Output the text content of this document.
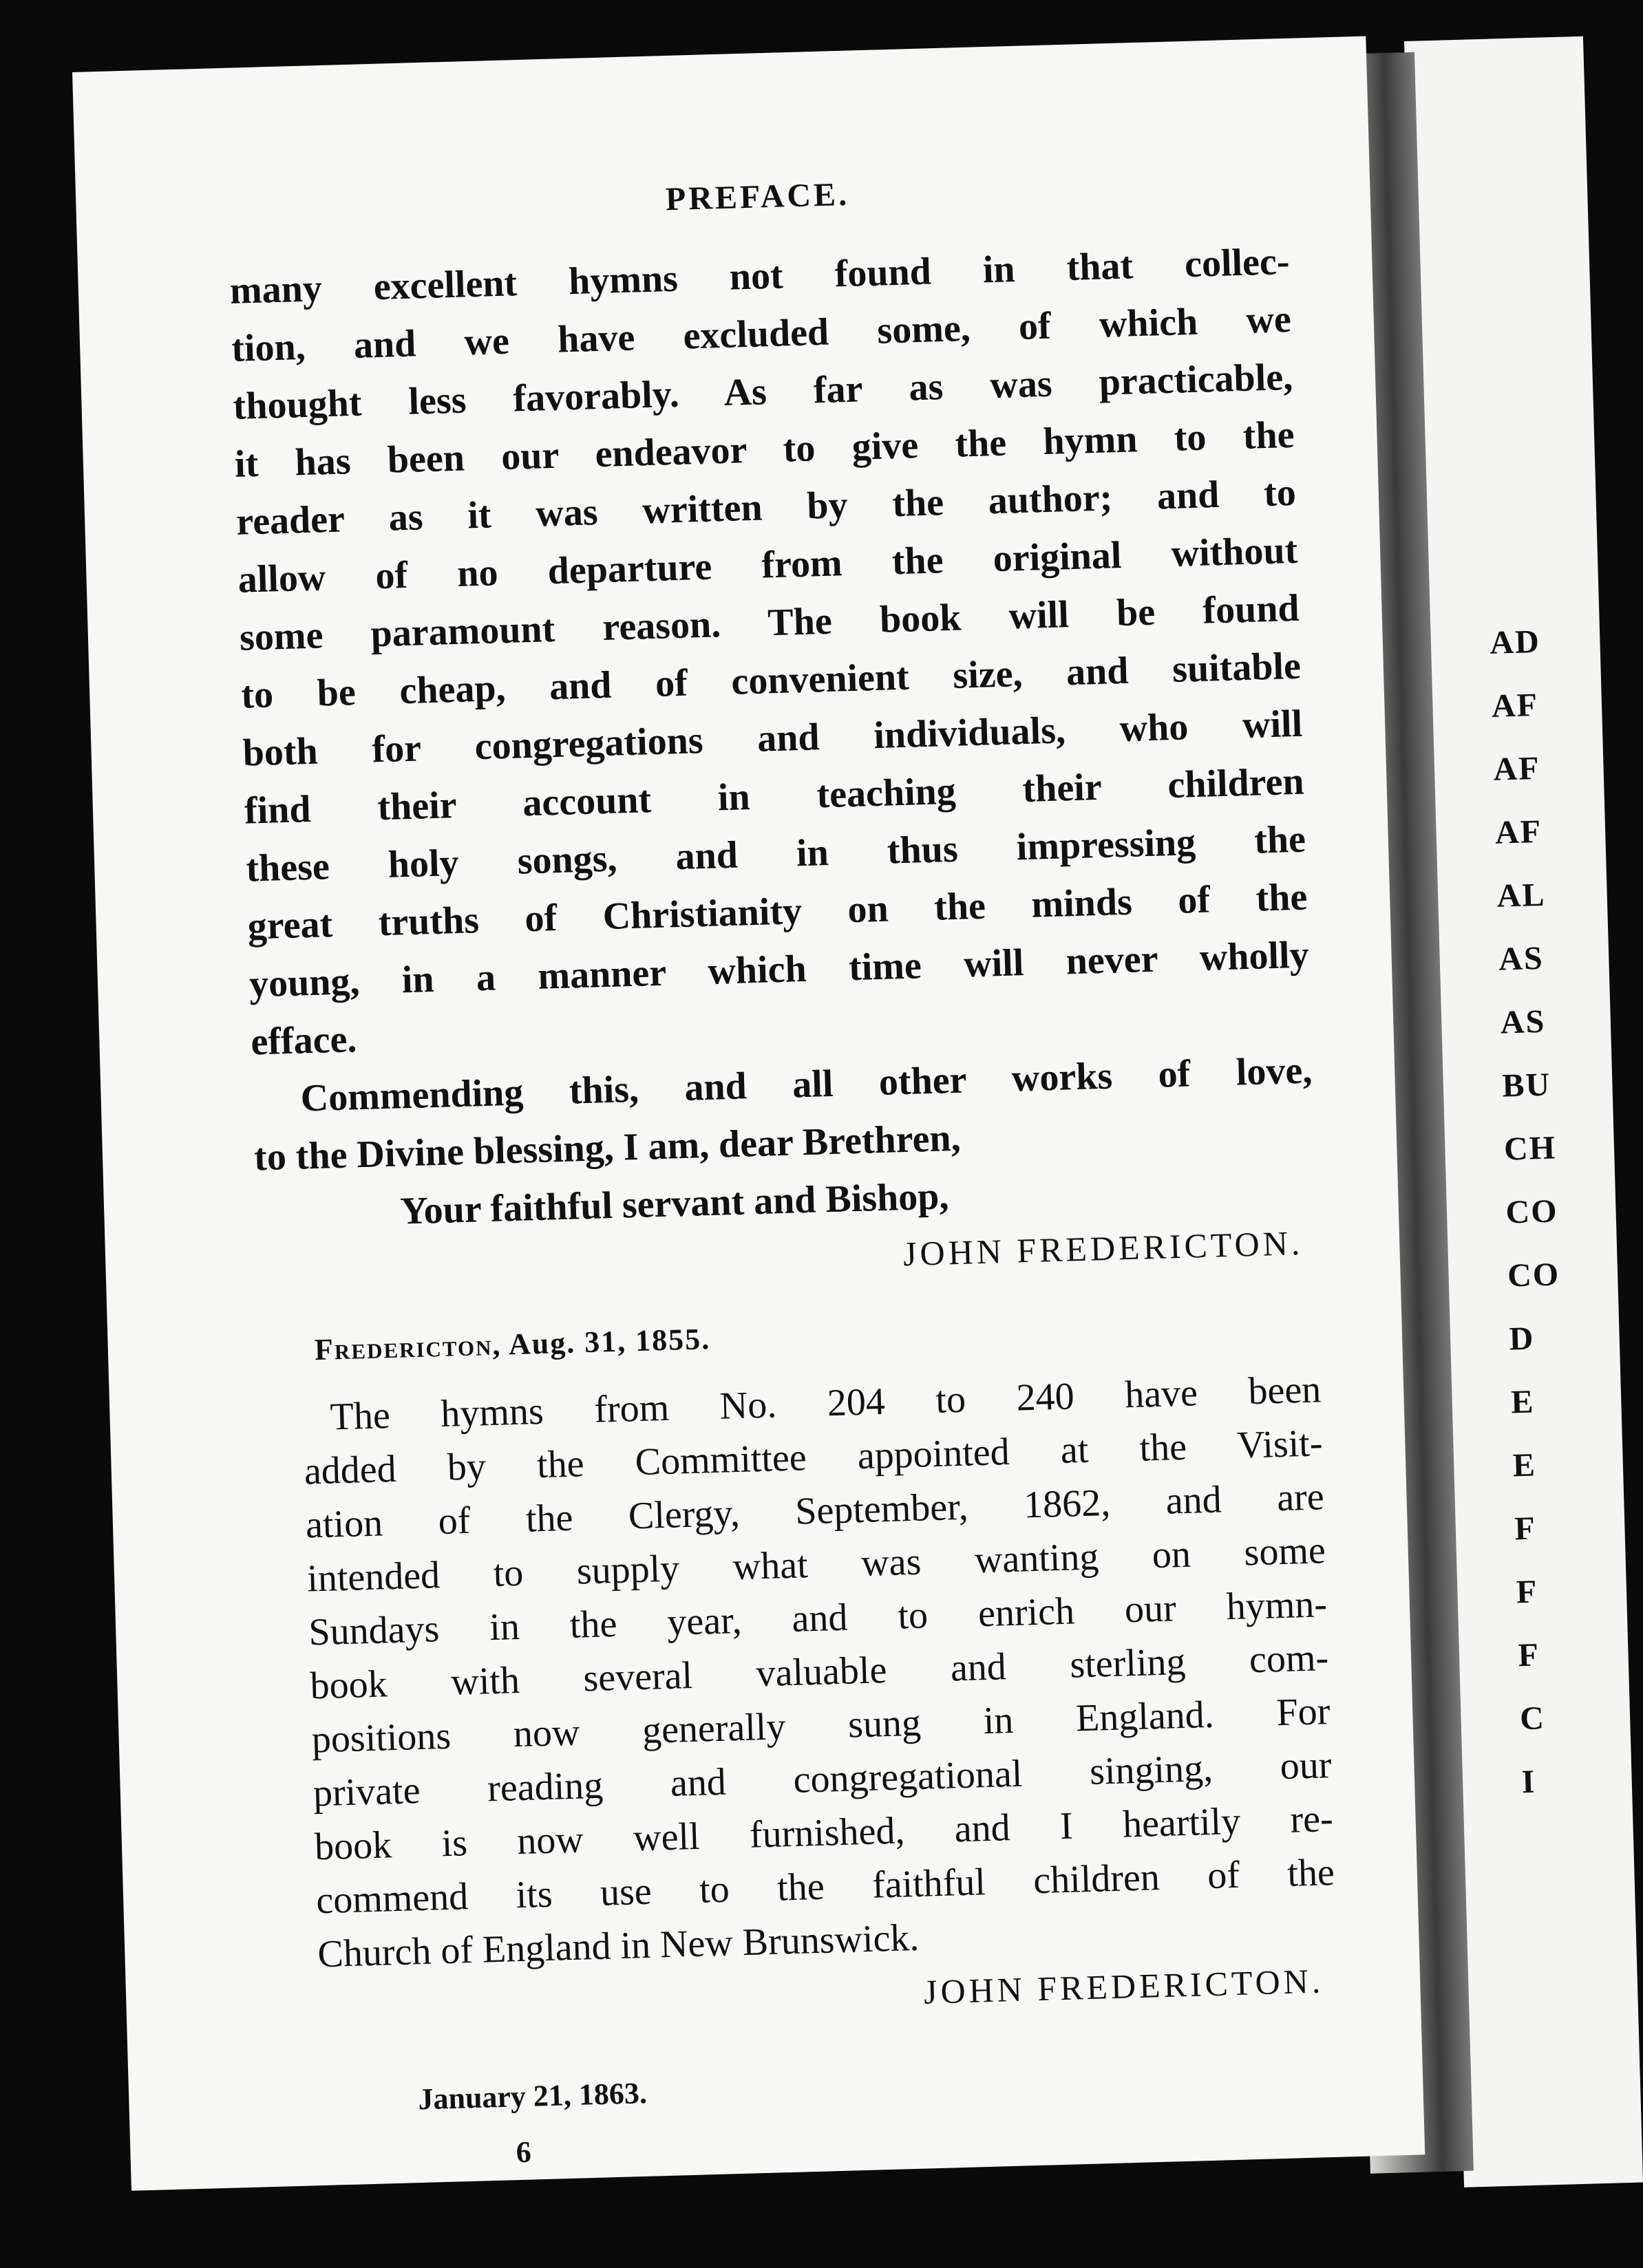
AD
AF
AF
AF
AL
AS
AS
BU
CH
CO
CO
D
E
E
F
F
F
C
I
PREFACE.
many excellent hymns not found in that collec-
tion, and we have excluded some, of which we
thought less favorably. As far as was practicable,
it has been our endeavor to give the hymn to the
reader as it was written by the author; and to
allow of no departure from the original without
some paramount reason. The book will be found
to be cheap, and of convenient size, and suitable
both for congregations and individuals, who will
find their account in teaching their children
these holy songs, and in thus impressing the
great truths of Christianity on the minds of the
young, in a manner which time will never wholly
efface.
Commending this, and all other works of love,
to the Divine blessing, I am, dear Brethren,
Your faithful servant and Bishop,
JOHN FREDERICTON.
Fredericton, Aug. 31, 1855.
The hymns from No. 204 to 240 have been
added by the Committee appointed at the Visit-
ation of the Clergy, September, 1862, and are
intended to supply what was wanting on some
Sundays in the year, and to enrich our hymn-
book with several valuable and sterling com-
positions now generally sung in England. For
private reading and congregational singing, our
book is now well furnished, and I heartily re-
commend its use to the faithful children of the
Church of England in New Brunswick.
JOHN FREDERICTON.
January 21, 1863.
6
